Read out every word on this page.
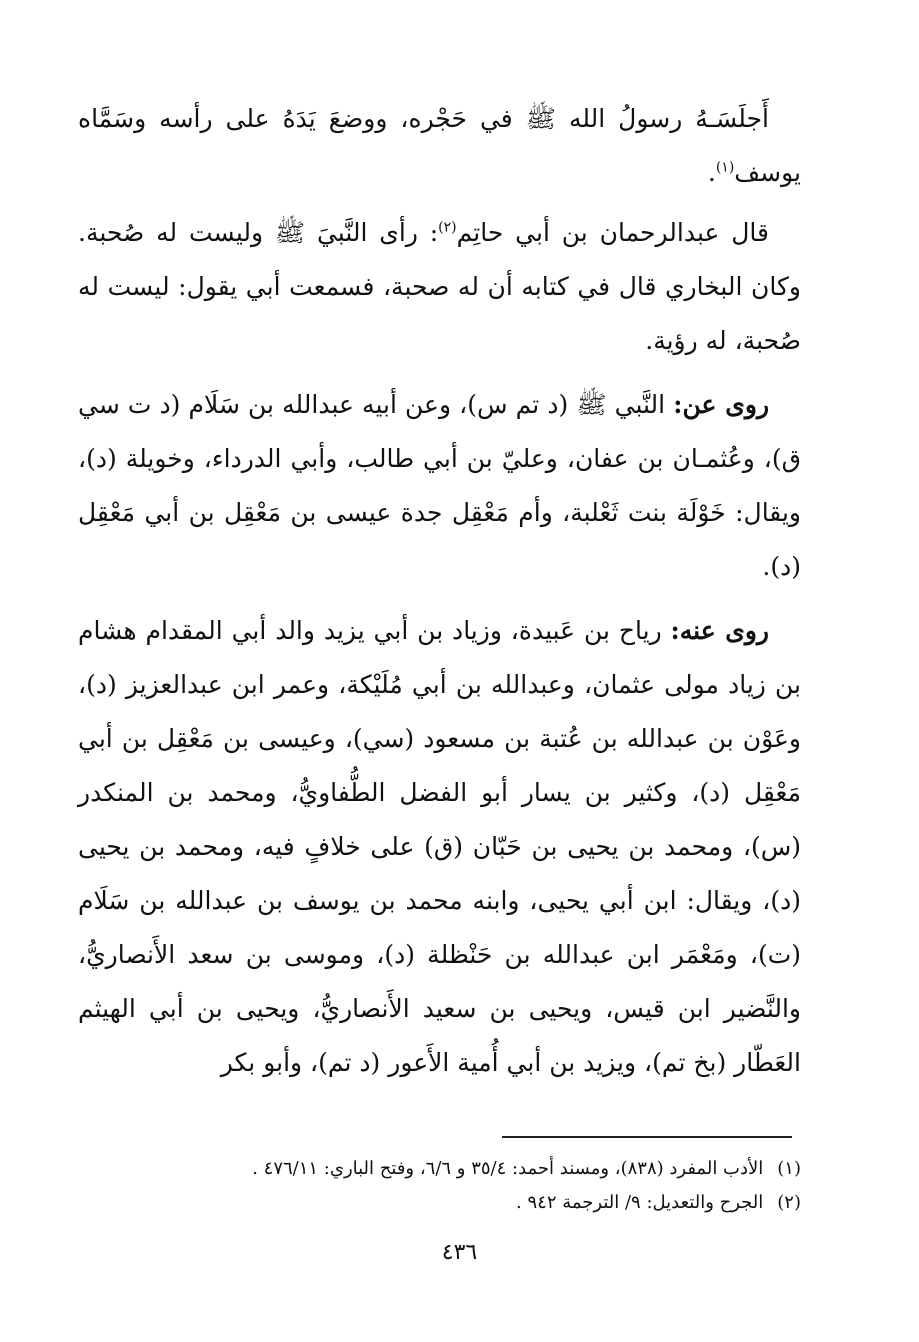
أَجلَسَـهُ رسولُ الله ﷺ في حَجْره، ووضعَ يَدَهُ على رأسه وسَمَّاه يوسف$^{(١)}$.

قال عبدالرحمان بن أبي حاتِم$^{(٢)}$: رأى النَّبيَ ﷺ وليست له صُحبة. وكان البخاري قال في كتابه أن له صحبة، فسمعت أبي يقول: ليست له صُحبة، له رؤية.

روى عن: النَّبي ﷺ (د تم س)، وعن أبيه عبدالله بن سَلَام (د ت سي ق)، وعُثمـان بن عفان، وعليّ بن أبي طالب، وأبي الدرداء، وخويلة (د)، ويقال: خَوْلَة بنت ثَعْلبة، وأم مَعْقِل جدة عيسى بن مَعْقِل بن أبي مَعْقِل (د).

روى عنه: رياح بن عَبيدة، وزياد بن أبي يزيد والد أبي المقدام هشام بن زياد مولى عثمان، وعبدالله بن أبي مُلَيْكة، وعمر ابن عبدالعزيز (د)، وعَوْن بن عبدالله بن عُتبة بن مسعود (سي)، وعيسى بن مَعْقِل بن أبي مَعْقِل (د)، وكثير بن يسار أبو الفضل الطُّفاويُّ، ومحمد بن المنكدر (س)، ومحمد بن يحيى بن حَبّان (ق) على خلافٍ فيه، ومحمد بن يحيى (د)، ويقال: ابن أبي يحيى، وابنه محمد بن يوسف بن عبدالله بن سَلَام (ت)، ومَعْمَر ابن عبدالله بن حَنْظلة (د)، وموسى بن سعد الأَنصاريُّ، والنَّضير ابن قيس، ويحيى بن سعيد الأَنصاريُّ، ويحيى بن أبي الهيثم العَطّار (بخ تم)، ويزيد بن أبي أُمية الأَعور (د تم)، وأبو بكر

(١)الأدب المفرد (٨٣٨)، ومسند أحمد: ٣٥/٤ و ٦/٦، وفتح الباري: ٤٧٦/١١ .

(٢)الجرح والتعديل: ٩/ الترجمة ٩٤٢ .

٤٣٦
